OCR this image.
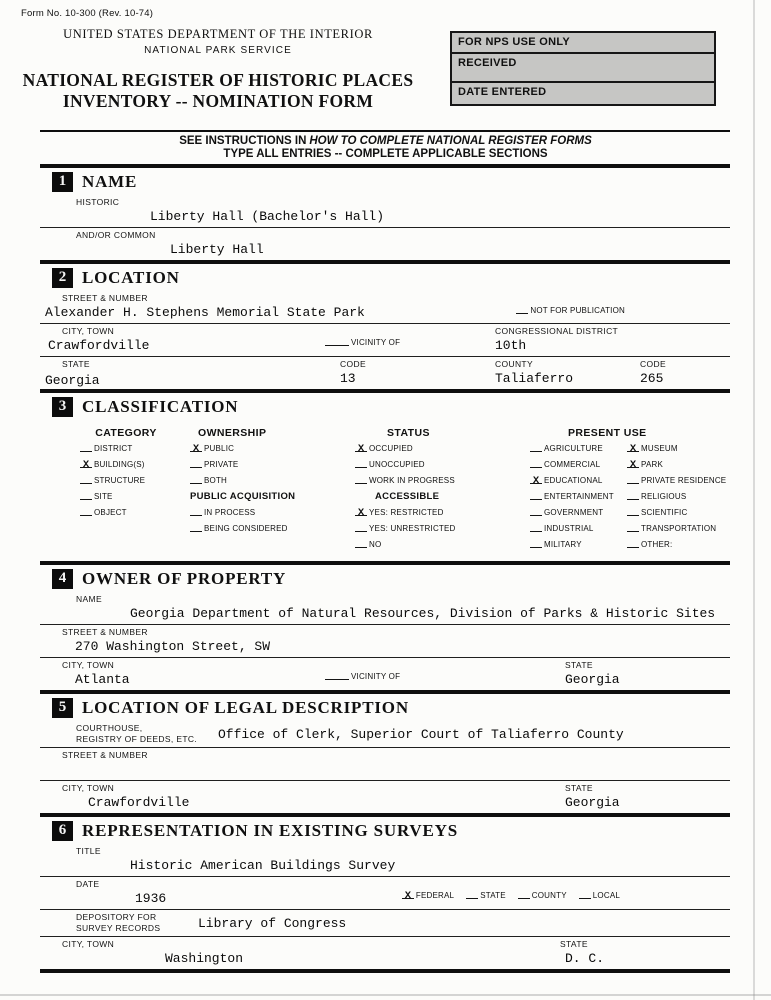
Form No. 10-300 (Rev. 10-74)
UNITED STATES DEPARTMENT OF THE INTERIOR
NATIONAL PARK SERVICE
NATIONAL REGISTER OF HISTORIC PLACES
INVENTORY -- NOMINATION FORM
FOR NPS USE ONLY
RECEIVED
DATE ENTERED
SEE INSTRUCTIONS IN HOW TO COMPLETE NATIONAL REGISTER FORMS
TYPE ALL ENTRIES -- COMPLETE APPLICABLE SECTIONS
1 NAME
HISTORIC
Liberty Hall (Bachelor's Hall)
AND/OR COMMON
Liberty Hall
2 LOCATION
STREET & NUMBER
Alexander H. Stephens Memorial State Park	NOT FOR PUBLICATION
CITY, TOWN
Crawfordville	VICINITY OF
CONGRESSIONAL DISTRICT
10th
STATE
Georgia
CODE
13
COUNTY
Taliaferro
CODE
265
3 CLASSIFICATION
CATEGORY
DISTRICT
X BUILDING(S)
STRUCTURE
SITE
OBJECT
OWNERSHIP
X PUBLIC
PRIVATE
BOTH
PUBLIC ACQUISITION
IN PROCESS
BEING CONSIDERED
STATUS
X OCCUPIED
UNOCCUPIED
WORK IN PROGRESS
ACCESSIBLE
X YES: RESTRICTED
YES: UNRESTRICTED
NO
PRESENT USE
AGRICULTURE
COMMERCIAL
X EDUCATIONAL
ENTERTAINMENT
GOVERNMENT
INDUSTRIAL
MILITARY
X MUSEUM
X PARK
PRIVATE RESIDENCE
RELIGIOUS
SCIENTIFIC
TRANSPORTATION
OTHER:
4 OWNER OF PROPERTY
NAME
Georgia Department of Natural Resources, Division of Parks & Historic Sites
STREET & NUMBER
270 Washington Street, SW
CITY, TOWN
Atlanta	VICINITY OF
STATE
Georgia
5 LOCATION OF LEGAL DESCRIPTION
COURTHOUSE,
REGISTRY OF DEEDS, ETC.	Office of Clerk, Superior Court of Taliaferro County
STREET & NUMBER
CITY, TOWN
Crawfordville
STATE
Georgia
6 REPRESENTATION IN EXISTING SURVEYS
TITLE
Historic American Buildings Survey
DATE
1936	X FEDERAL	STATE	COUNTY	LOCAL
DEPOSITORY FOR
SURVEY RECORDS	Library of Congress
CITY, TOWN
Washington
STATE
D. C.
